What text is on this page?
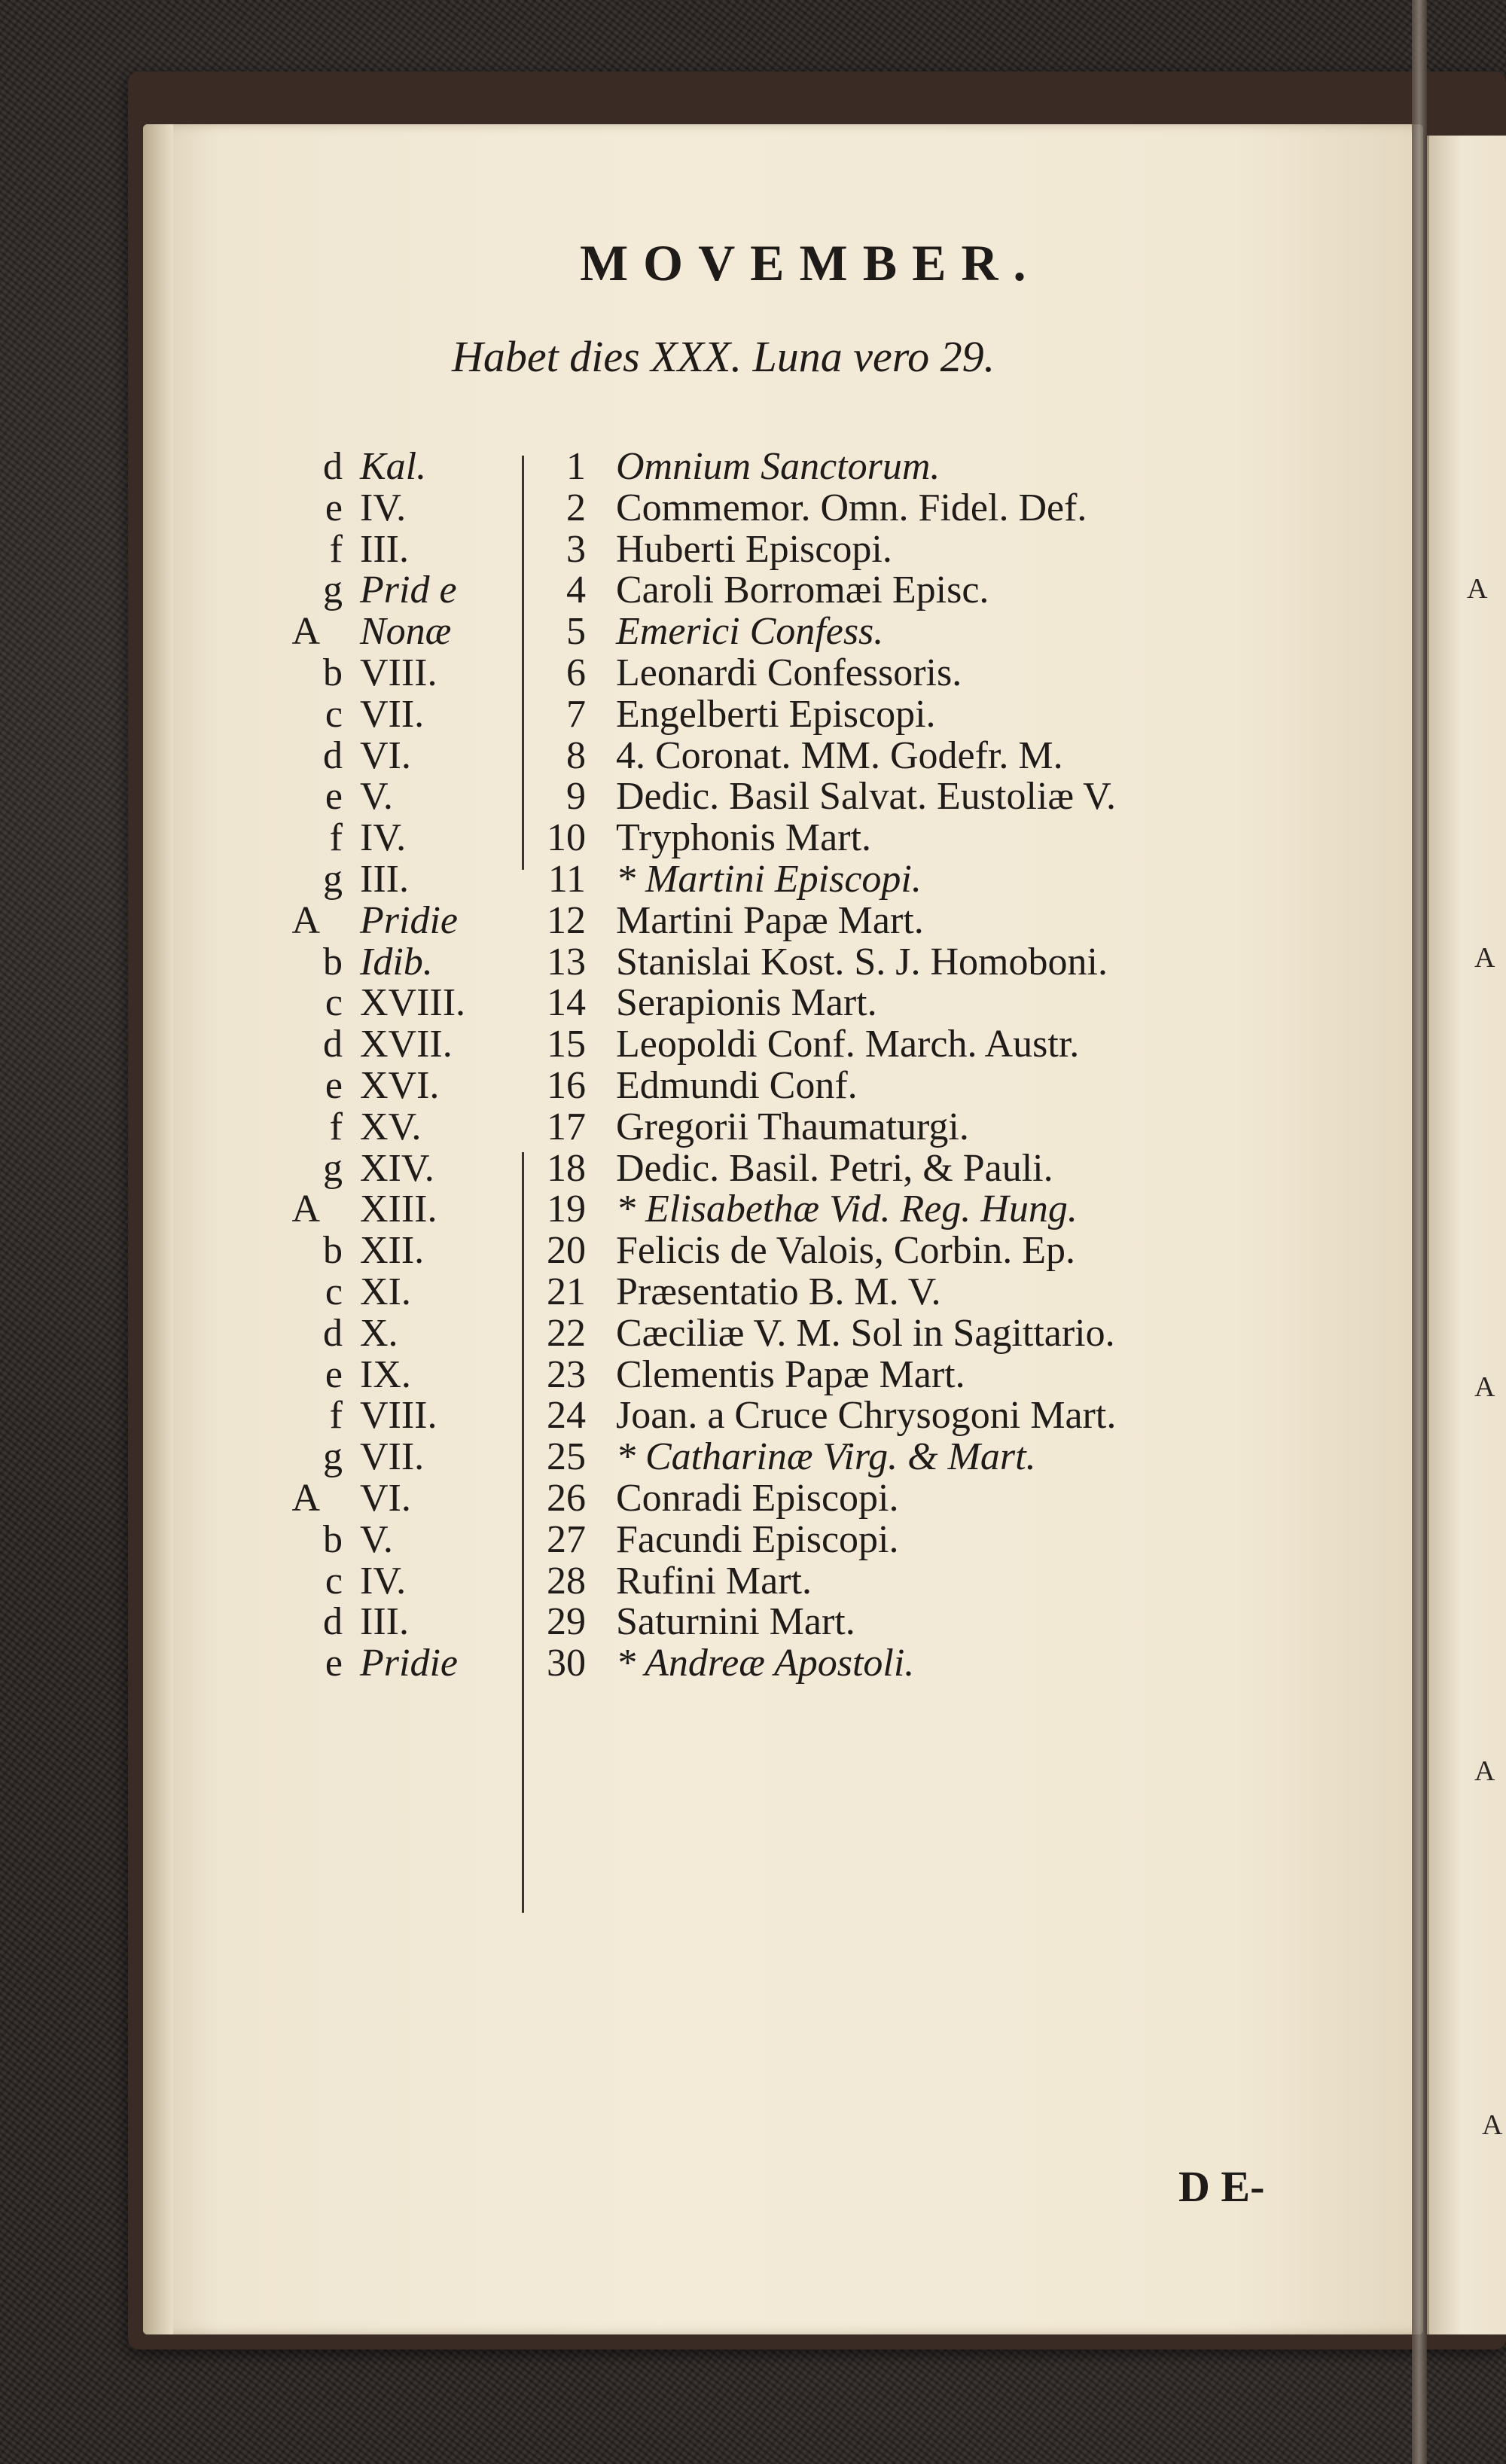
A
A
A
A
A
MOVEMBER.
Habet dies XXX. Luna vero 29.
d Kal.	1 Omnium Sanctorum.
e IV.	2 Commemor. Omn. Fidel. Def.
f III.	3 Huberti Episcopi.
g Prid e	4 Caroli Borromæi Episc.
A Nonæ	5 Emerici Confess.
b VIII.	6 Leonardi Confessoris.
c VII.	7 Engelberti Episcopi.
d VI.	8 4. Coronat. MM. Godefr. M.
e V.	9 Dedic. Basil Salvat. Eustoliæ V.
f IV.	10 Tryphonis Mart.
g III.	11 * Martini Episcopi.
A Pridie	12 Martini Papæ Mart.
b Idib.	13 Stanislai Kost. S. J. Homoboni.
c XVIII.	14 Serapionis Mart.
d XVII.	15 Leopoldi Conf. March. Austr.
e XVI.	16 Edmundi Conf.
f XV.	17 Gregorii Thaumaturgi.
g XIV.	18 Dedic. Basil. Petri, & Pauli.
A XIII.	19 * Elisabethæ Vid. Reg. Hung.
b XII.	20 Felicis de Valois, Corbin. Ep.
c XI.	21 Præsentatio B. M. V.
d X.	22 Cæciliæ V. M. Sol in Sagittario.
e IX.	23 Clementis Papæ Mart.
f VIII.	24 Joan. a Cruce Chrysogoni Mart.
g VII.	25 * Catharinæ Virg. & Mart.
A VI.	26 Conradi Episcopi.
b V.	27 Facundi Episcopi.
c IV.	28 Rufini Mart.
d III.	29 Saturnini Mart.
e Pridie	30 * Andreæ Apostoli.
D E-
